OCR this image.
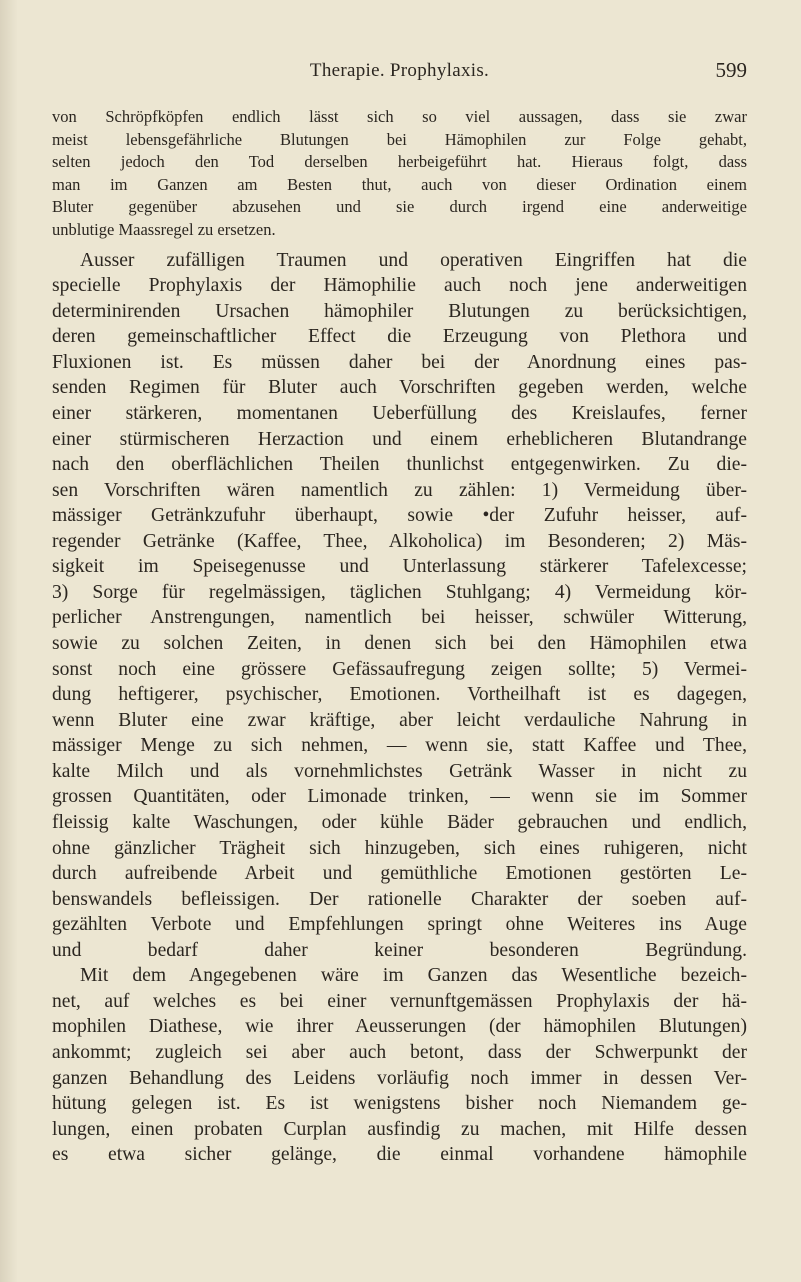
Therapie. Prophylaxis.	599
von Schröpfköpfen endlich lässt sich so viel aussagen, dass sie zwar
meist lebensgefährliche Blutungen bei Hämophilen zur Folge gehabt,
selten jedoch den Tod derselben herbeigeführt hat. Hieraus folgt, dass
man im Ganzen am Besten thut, auch von dieser Ordination einem
Bluter gegenüber abzusehen und sie durch irgend eine anderweitige
unblutige Maassregel zu ersetzen.
Ausser zufälligen Traumen und operativen Eingriffen hat die
specielle Prophylaxis der Hämophilie auch noch jene anderweitigen
determinirenden Ursachen hämophiler Blutungen zu berücksichtigen,
deren gemeinschaftlicher Effect die Erzeugung von Plethora und
Fluxionen ist. Es müssen daher bei der Anordnung eines pas-
senden Regimen für Bluter auch Vorschriften gegeben werden, welche
einer stärkeren, momentanen Ueberfüllung des Kreislaufes, ferner
einer stürmischeren Herzaction und einem erheblicheren Blutandrange
nach den oberflächlichen Theilen thunlichst entgegenwirken. Zu die-
sen Vorschriften wären namentlich zu zählen: 1) Vermeidung über-
mässiger Getränkzufuhr überhaupt, sowie •der Zufuhr heisser, auf-
regender Getränke (Kaffee, Thee, Alkoholica) im Besonderen; 2) Mäs-
sigkeit im Speisegenusse und Unterlassung stärkerer Tafelexcesse;
3) Sorge für regelmässigen, täglichen Stuhlgang; 4) Vermeidung kör-
perlicher Anstrengungen, namentlich bei heisser, schwüler Witterung,
sowie zu solchen Zeiten, in denen sich bei den Hämophilen etwa
sonst noch eine grössere Gefässaufregung zeigen sollte; 5) Vermei-
dung heftigerer, psychischer, Emotionen. Vortheilhaft ist es dagegen,
wenn Bluter eine zwar kräftige, aber leicht verdauliche Nahrung in
mässiger Menge zu sich nehmen, — wenn sie, statt Kaffee und Thee,
kalte Milch und als vornehmlichstes Getränk Wasser in nicht zu
grossen Quantitäten, oder Limonade trinken, — wenn sie im Sommer
fleissig kalte Waschungen, oder kühle Bäder gebrauchen und endlich,
ohne gänzlicher Trägheit sich hinzugeben, sich eines ruhigeren, nicht
durch aufreibende Arbeit und gemüthliche Emotionen gestörten Le-
benswandels befleissigen. Der rationelle Charakter der soeben auf-
gezählten Verbote und Empfehlungen springt ohne Weiteres ins Auge
und bedarf daher keiner besonderen Begründung.
Mit dem Angegebenen wäre im Ganzen das Wesentliche bezeich-
net, auf welches es bei einer vernunftgemässen Prophylaxis der hä-
mophilen Diathese, wie ihrer Aeusserungen (der hämophilen Blutungen)
ankommt; zugleich sei aber auch betont, dass der Schwerpunkt der
ganzen Behandlung des Leidens vorläufig noch immer in dessen Ver-
hütung gelegen ist. Es ist wenigstens bisher noch Niemandem ge-
lungen, einen probaten Curplan ausfindig zu machen, mit Hilfe dessen
es etwa sicher gelänge, die einmal vorhandene hämophile
